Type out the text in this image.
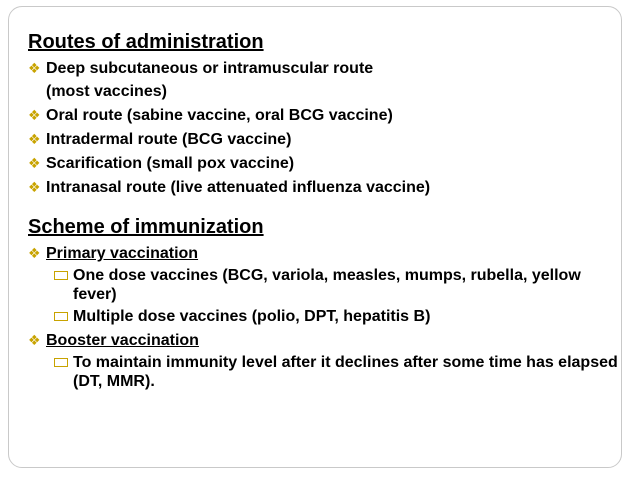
Routes of administration
❖ Deep subcutaneous or intramuscular route
(most vaccines)
❖ Oral route (sabine vaccine, oral BCG vaccine)
❖ Intradermal route (BCG vaccine)
❖ Scarification (small pox vaccine)
❖ Intranasal route (live attenuated influenza vaccine)
Scheme of immunization
❖ Primary vaccination
One dose vaccines (BCG, variola, measles, mumps, rubella, yellow fever)
Multiple dose vaccines (polio, DPT, hepatitis B)
❖ Booster vaccination
To maintain immunity level after it declines after some time has elapsed (DT, MMR).
